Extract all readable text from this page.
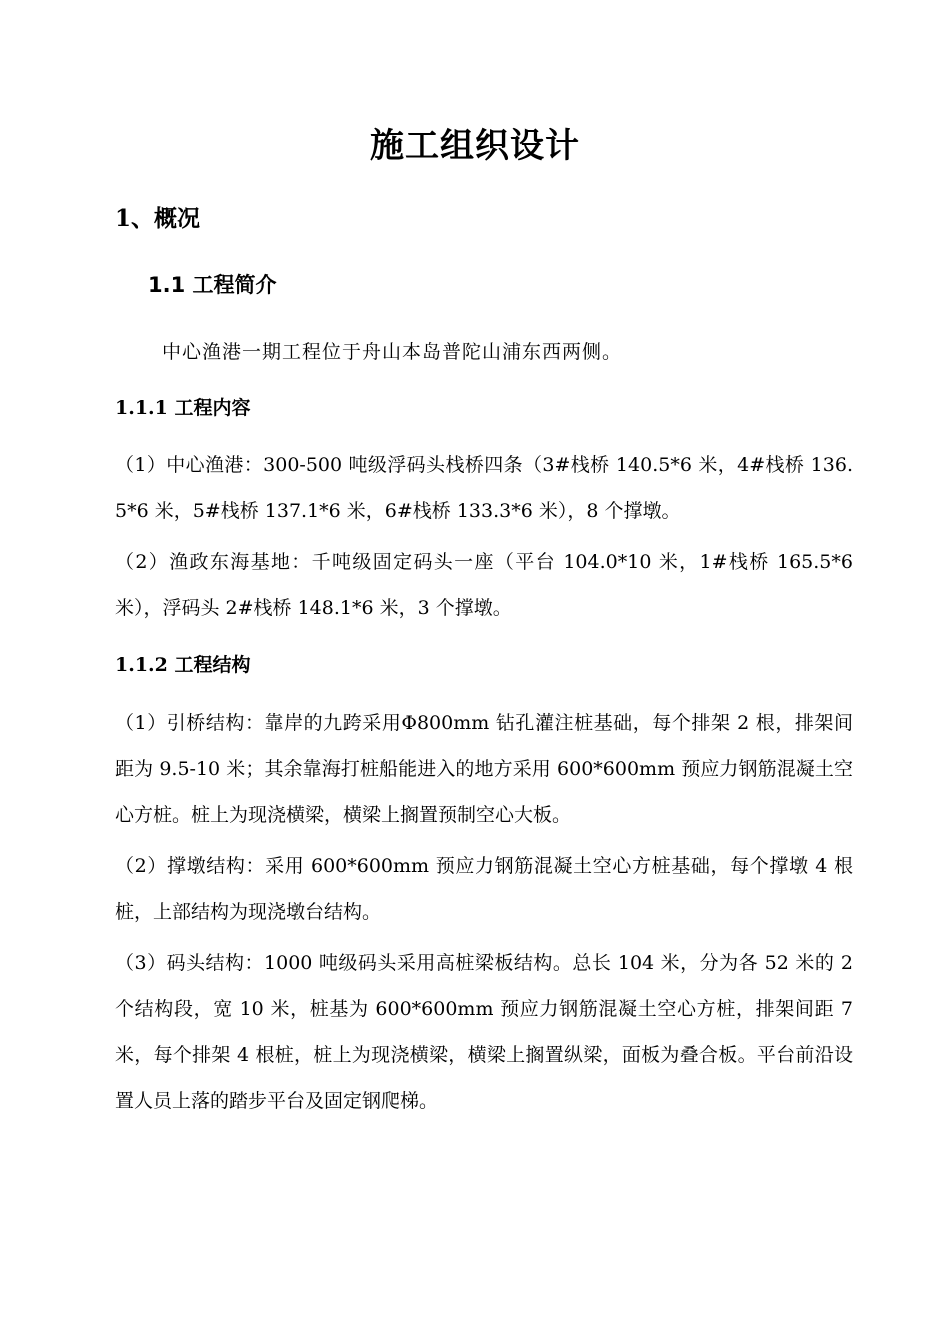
施工组织设计
1、概况
1.1 工程简介
中心渔港一期工程位于舟山本岛普陀山浦东西两侧。
1.1.1 工程内容
（1）中心渔港：300-500 吨级浮码头栈桥四条（3#栈桥 140.5*6 米，4#栈桥 136.5*6 米，5#栈桥 137.1*6 米，6#栈桥 133.3*6 米），8 个撑墩。
（2）渔政东海基地：千吨级固定码头一座（平台 104.0*10 米，1#栈桥 165.5*6 米），浮码头 2#栈桥 148.1*6 米，3 个撑墩。
1.1.2 工程结构
（1）引桥结构：靠岸的九跨采用Φ800mm 钻孔灌注桩基础，每个排架 2 根，排架间距为 9.5-10 米；其余靠海打桩船能进入的地方采用 600*600mm 预应力钢筋混凝土空心方桩。桩上为现浇横梁，横梁上搁置预制空心大板。
（2）撑墩结构：采用 600*600mm 预应力钢筋混凝土空心方桩基础，每个撑墩 4 根桩，上部结构为现浇墩台结构。
（3）码头结构：1000 吨级码头采用高桩梁板结构。总长 104 米，分为各 52 米的 2 个结构段，宽 10 米，桩基为 600*600mm 预应力钢筋混凝土空心方桩，排架间距 7 米，每个排架 4 根桩，桩上为现浇横梁，横梁上搁置纵梁，面板为叠合板。平台前沿设置人员上落的踏步平台及固定钢爬梯。
